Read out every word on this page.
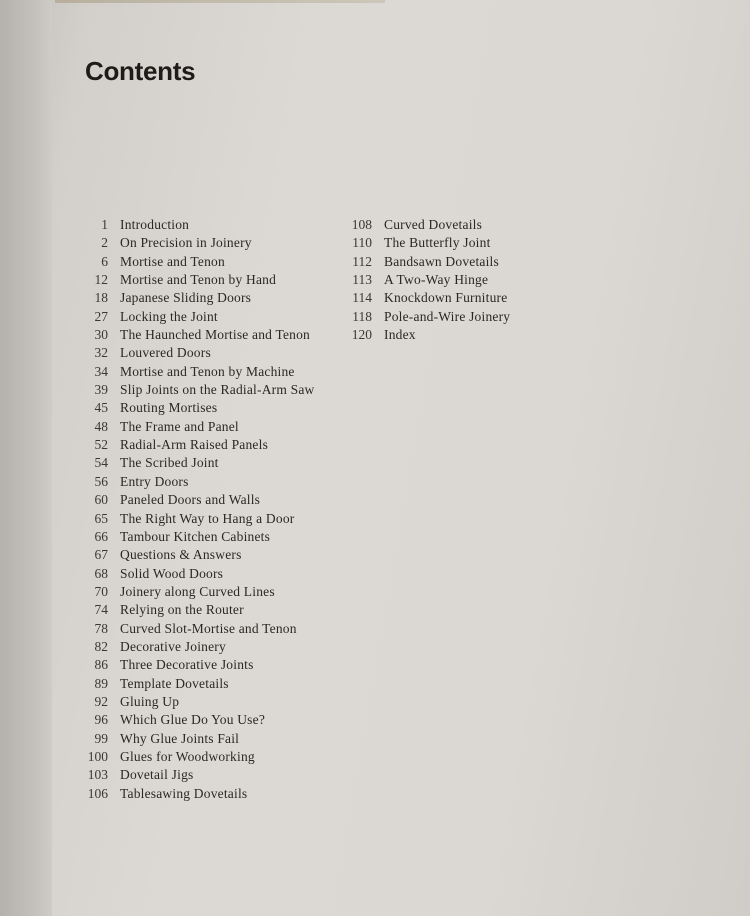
Contents
1 Introduction
2 On Precision in Joinery
6 Mortise and Tenon
12 Mortise and Tenon by Hand
18 Japanese Sliding Doors
27 Locking the Joint
30 The Haunched Mortise and Tenon
32 Louvered Doors
34 Mortise and Tenon by Machine
39 Slip Joints on the Radial-Arm Saw
45 Routing Mortises
48 The Frame and Panel
52 Radial-Arm Raised Panels
54 The Scribed Joint
56 Entry Doors
60 Paneled Doors and Walls
65 The Right Way to Hang a Door
66 Tambour Kitchen Cabinets
67 Questions & Answers
68 Solid Wood Doors
70 Joinery along Curved Lines
74 Relying on the Router
78 Curved Slot-Mortise and Tenon
82 Decorative Joinery
86 Three Decorative Joints
89 Template Dovetails
92 Gluing Up
96 Which Glue Do You Use?
99 Why Glue Joints Fail
100 Glues for Woodworking
103 Dovetail Jigs
106 Tablesawing Dovetails
108 Curved Dovetails
110 The Butterfly Joint
112 Bandsawn Dovetails
113 A Two-Way Hinge
114 Knockdown Furniture
118 Pole-and-Wire Joinery
120 Index
